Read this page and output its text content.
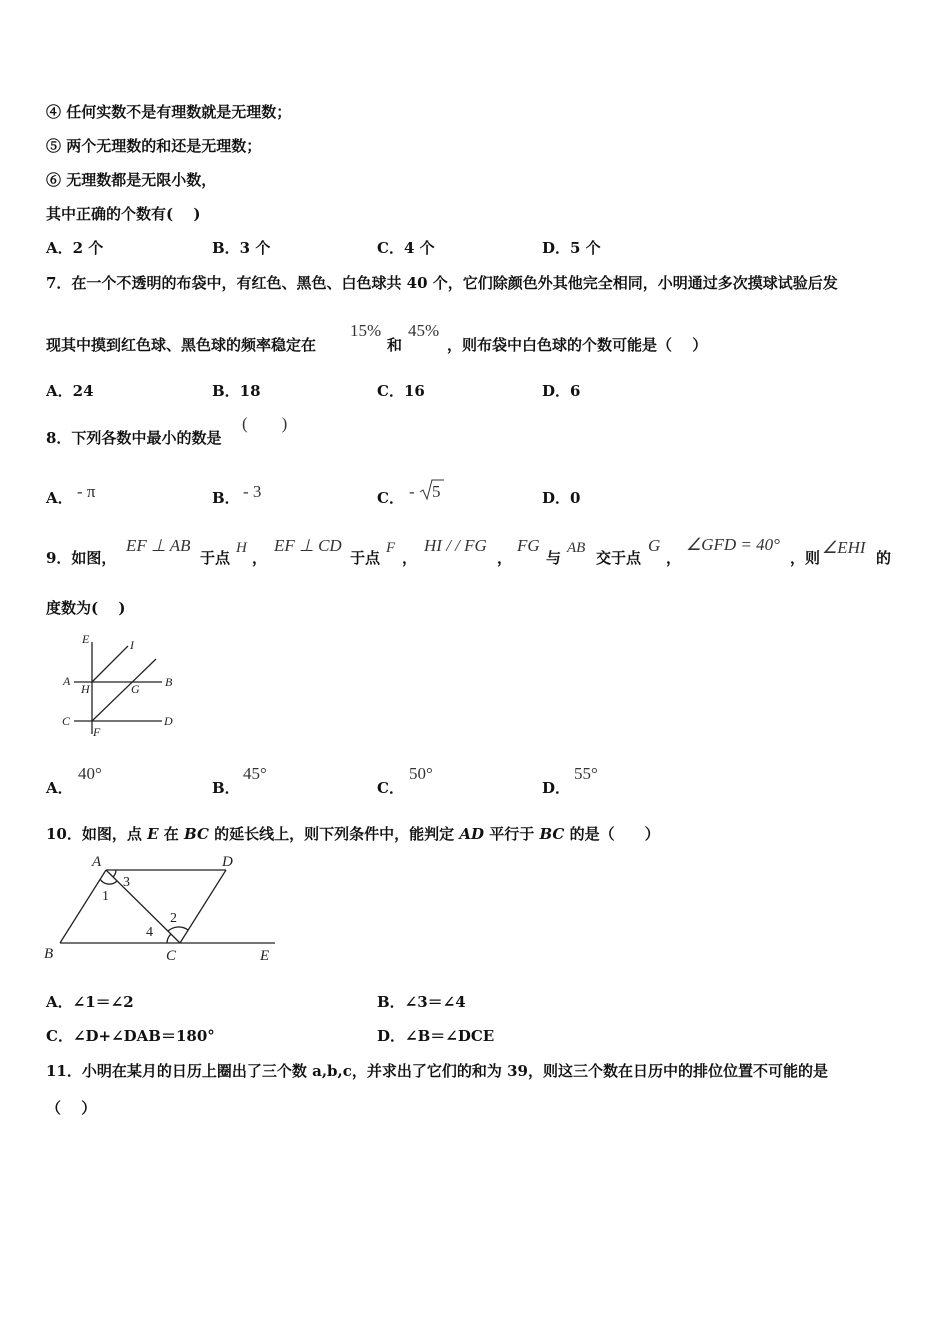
④ 任何实数不是有理数就是无理数；
⑤ 两个无理数的和还是无理数；
⑥ 无理数都是无限小数，
其中正确的个数有(　 )
A．2 个	B．3 个	C．4 个	D．5 个
7．在一个不透明的布袋中，有红色、黑色、白色球共 40 个，它们除颜色外其他完全相同，小明通过多次摸球试验后发
现其中摸到红色球、黑色球的频率稳定在
15%
和
45%
，则布袋中白色球的个数可能是（　 ）
A．24	B．18	C．16	D．6
8．下列各数中最小的数是
(　　)
A． - π	B． - 3	C． - 5	D．0
9．如图，
EF ⊥ AB
于点
H
，
EF ⊥ CD
于点
F
，
HI / / FG
，
FG
与
AB
交于点
G
，
∠GFD = 40°
，则
∠EHI
的
度数为(　 )
E	I
A
H	G B
C
F
D
A．
40°
B．
45°
C．
50°
D．
55°
10．如图，点 E 在 BC 的延长线上，则下列条件中，能判定 AD 平行于 BC 的是（　　）
A	D
B	C	E
1
2
3
4
A．∠1＝∠2	B．∠3＝∠4
C．∠D+∠DAB＝180°	D．∠B＝∠DCE
11．小明在某月的日历上圈出了三个数 a,b,c，并求出了它们的和为 39，则这三个数在日历中的排位位置不可能的是
（　 ）
